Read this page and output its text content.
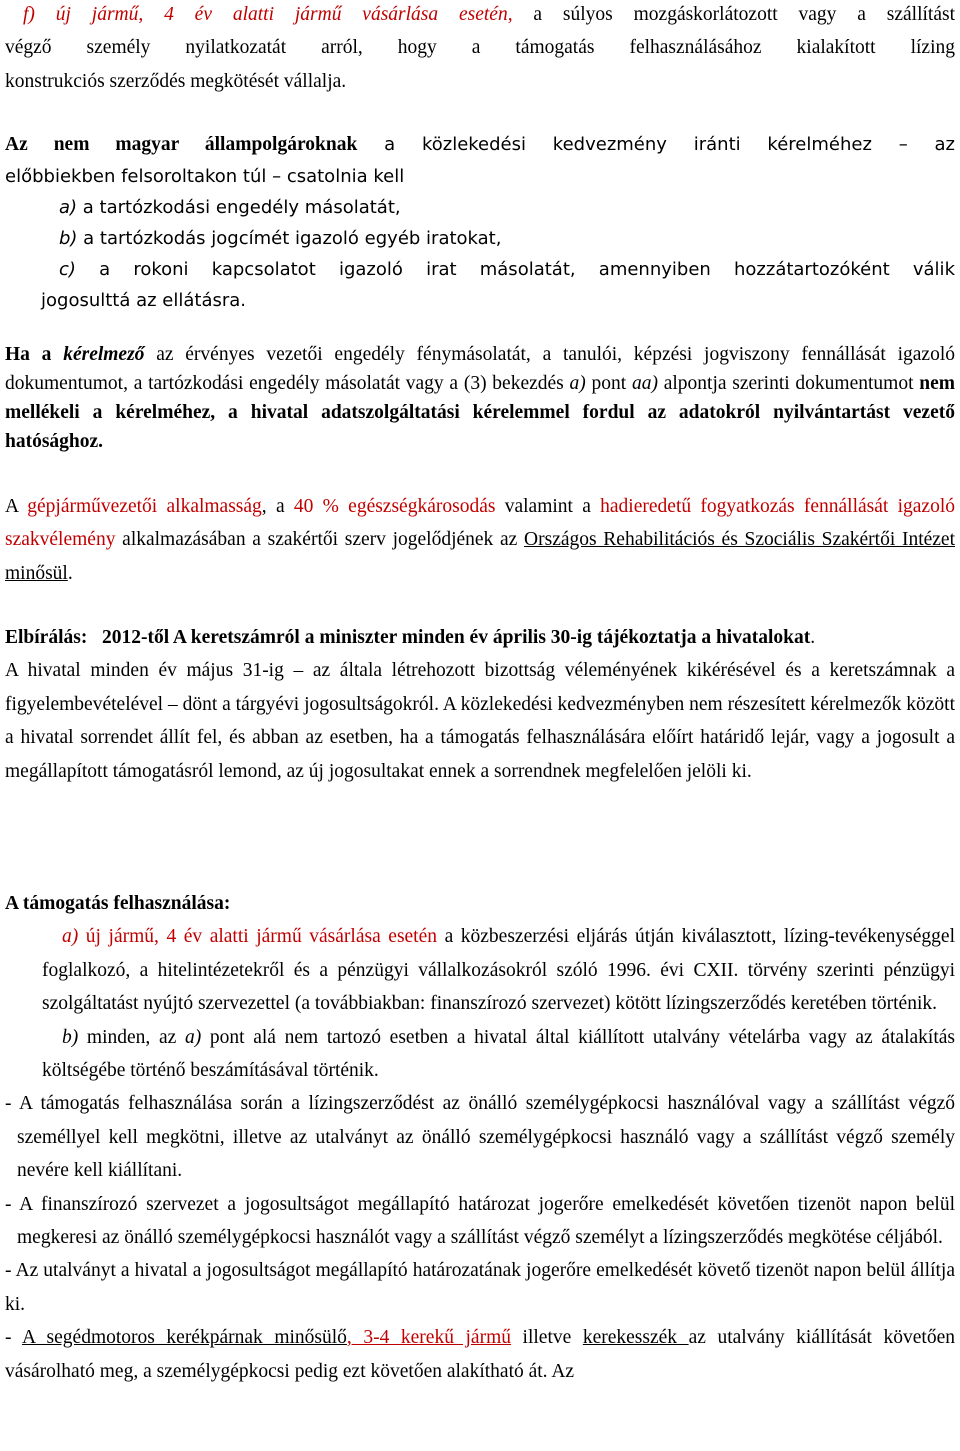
f) új jármű, 4 év alatti jármű vásárlása esetén, a súlyos mozgáskorlátozott vagy a szállítást

végző személy nyilatkozatát arról, hogy a támogatás felhasználásához kialakított lízing

konstrukciós szerződés megkötését vállalja.

Az nem magyar állampolgároknak a közlekedési kedvezmény iránti kérelméhez – az

előbbiekben felsoroltakon túl – csatolnia kell

a) a tartózkodási engedély másolatát,

b) a tartózkodás jogcímét igazoló egyéb iratokat,

c) a rokoni kapcsolatot igazoló irat másolatát, amennyiben hozzátartozóként válik

jogosulttá az ellátásra.

Ha a kérelmező az érvényes vezetői engedély fénymásolatát, a tanulói, képzési jogviszony fennállását igazoló dokumentumot, a tartózkodási engedély másolatát vagy a (3) bekezdés a) pont aa) alpontja szerinti dokumentumot nem mellékeli a kérelméhez, a hivatal adatszolgáltatási kérelemmel fordul az adatokról nyilvántartást vezető hatósághoz.

A gépjárművezetői alkalmasság, a 40 % egészségkárosodás valamint a hadieredetű fogyatkozás fennállását igazoló szakvélemény alkalmazásában a szakértői szerv jogelődjének az Országos Rehabilitációs és Szociális Szakértői Intézet minősül.

Elbírálás: 2012-től A keretszámról a miniszter minden év április 30-ig tájékoztatja a hivatalokat.

A hivatal minden év május 31-ig – az általa létrehozott bizottság véleményének kikérésével és a keretszámnak a figyelembevételével – dönt a tárgyévi jogosultságokról. A közlekedési kedvezményben nem részesített kérelmezők között a hivatal sorrendet állít fel, és abban az esetben, ha a támogatás felhasználására előírt határidő lejár, vagy a jogosult a megállapított támogatásról lemond, az új jogosultakat ennek a sorrendnek megfelelően jelöli ki.

A támogatás felhasználása:

a) új jármű, 4 év alatti jármű vásárlása esetén a közbeszerzési eljárás útján kiválasztott, lízing-tevékenységgel foglalkozó, a hitelintézetekről és a pénzügyi vállalkozásokról szóló 1996. évi CXII. törvény szerinti pénzügyi szolgáltatást nyújtó szervezettel (a továbbiakban: finanszírozó szervezet) kötött lízingszerződés keretében történik.

b) minden, az a) pont alá nem tartozó esetben a hivatal által kiállított utalvány vételárba vagy az átalakítás költségébe történő beszámításával történik.

- A támogatás felhasználása során a lízingszerződést az önálló személygépkocsi használóval vagy a szállítást végző személlyel kell megkötni, illetve az utalványt az önálló személygépkocsi használó vagy a szállítást végző személy nevére kell kiállítani.

- A finanszírozó szervezet a jogosultságot megállapító határozat jogerőre emelkedését követően tizenöt napon belül megkeresi az önálló személygépkocsi használót vagy a szállítást végző személyt a lízingszerződés megkötése céljából.

- Az utalványt a hivatal a jogosultságot megállapító határozatának jogerőre emelkedését követő tizenöt napon belül állítja ki.

- A segédmotoros kerékpárnak minősülő, 3-4 kerekű jármű illetve kerekesszék az utalvány kiállítását követően vásárolható meg, a személygépkocsi pedig ezt követően alakítható át. Az
